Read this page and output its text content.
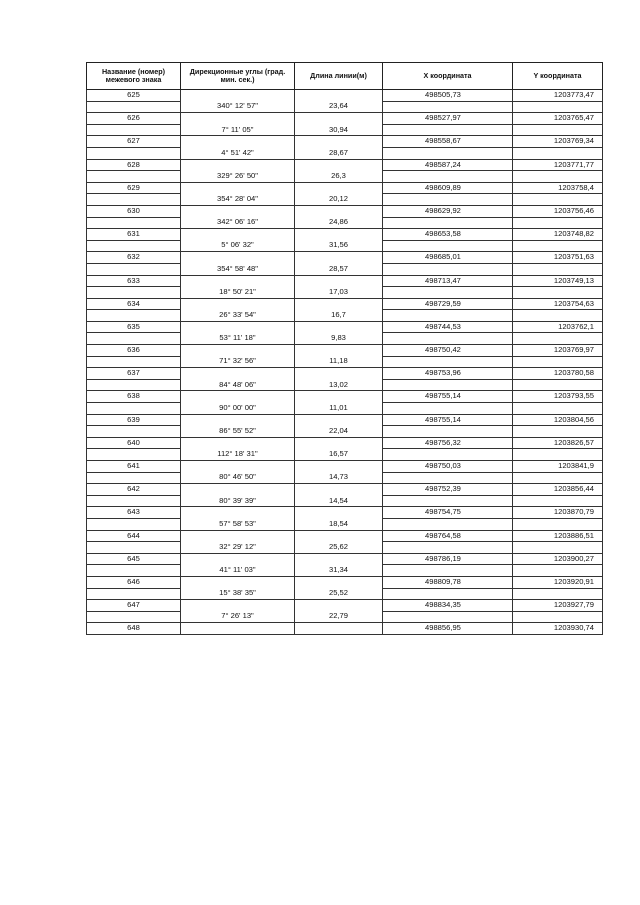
Название (номер) межевого знака	Дирекционные углы (град. мин. сек.)	Длина линии(м)	X координата	Y координата
625			498505,73	1203773,47
	340° 12' 57"	23,64		
626			498527,97	1203765,47
	7° 11' 05"	30,94		
627			498558,67	1203769,34
	4° 51' 42"	28,67		
628			498587,24	1203771,77
	329° 26' 50"	26,3		
629			498609,89	1203758,4
	354° 28' 04"	20,12		
630			498629,92	1203756,46
	342° 06' 16"	24,86		
631			498653,58	1203748,82
	5° 06' 32"	31,56		
632			498685,01	1203751,63
	354° 58' 48"	28,57		
633			498713,47	1203749,13
	18° 50' 21"	17,03		
634			498729,59	1203754,63
	26° 33' 54"	16,7		
635			498744,53	1203762,1
	53° 11' 18"	9,83		
636			498750,42	1203769,97
	71° 32' 56"	11,18		
637			498753,96	1203780,58
	84° 48' 06"	13,02		
638			498755,14	1203793,55
	90° 00' 00"	11,01		
639			498755,14	1203804,56
	86° 55' 52"	22,04		
640			498756,32	1203826,57
	112° 18' 31"	16,57		
641			498750,03	1203841,9
	80° 46' 50"	14,73		
642			498752,39	1203856,44
	80° 39' 39"	14,54		
643			498754,75	1203870,79
	57° 58' 53"	18,54		
644			498764,58	1203886,51
	32° 29' 12"	25,62		
645			498786,19	1203900,27
	41° 11' 03"	31,34		
646			498809,78	1203920,91
	15° 38' 35"	25,52		
647			498834,35	1203927,79
	7° 26' 13"	22,79		
648			498856,95	1203930,74
